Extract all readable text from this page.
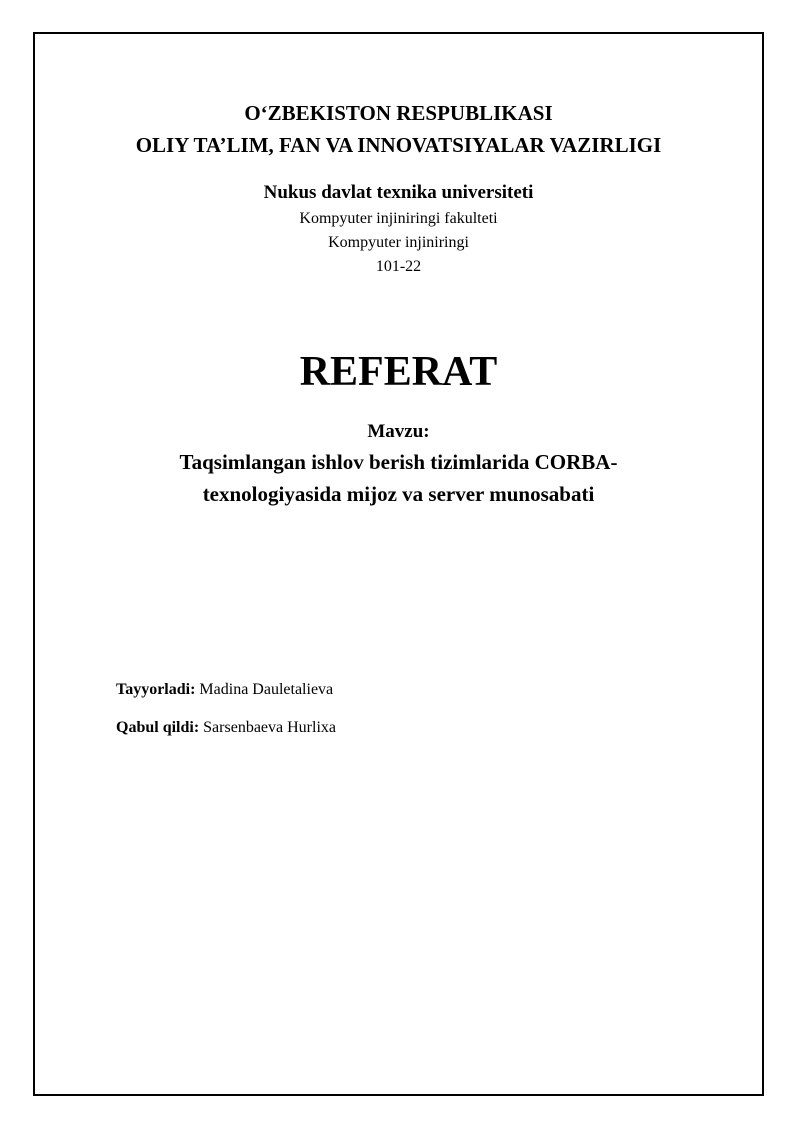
O‘ZBEKISTON RESPUBLIKASI
OLIY TA’LIM, FAN VA INNOVATSIYALAR VAZIRLIGI
Nukus davlat texnika universiteti
Kompyuter injiniringi fakulteti
Kompyuter injiniringi
101-22
REFERAT
Mavzu:
Taqsimlangan ishlov berish tizimlarida CORBA-
texnologiyasida mijoz va server munosabati
Tayyorladi: Madina Dauletalieva
Qabul qildi: Sarsenbaeva Hurlixa
